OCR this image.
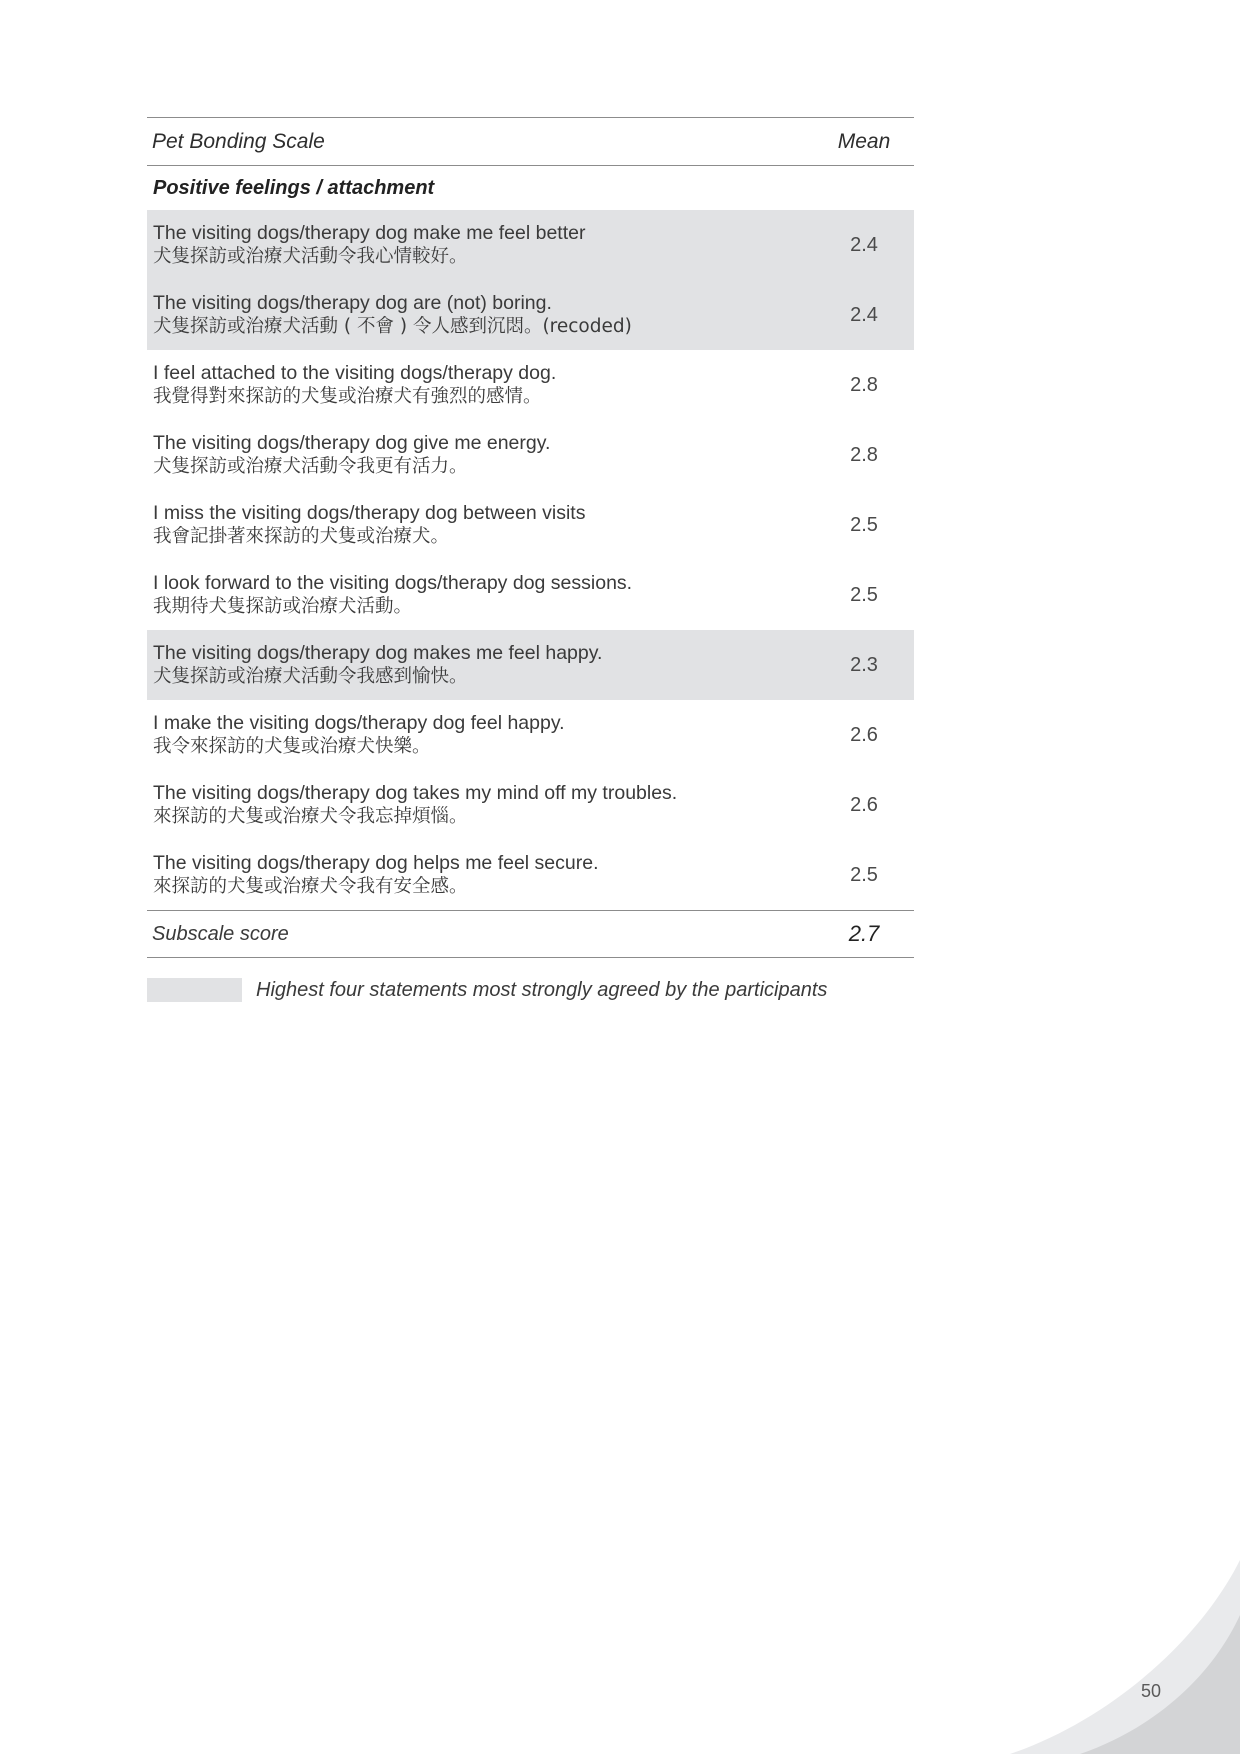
Pet Bonding Scale	Mean
Positive feelings / attachment
The visiting dogs/therapy dog make me feel better
犬隻探訪或治療犬活動令我心情較好。
2.4
The visiting dogs/therapy dog are (not) boring.
犬隻探訪或治療犬活動 ( 不會 ) 令人感到沉悶。(recoded)
2.4
I feel attached to the visiting dogs/therapy dog.
我覺得對來探訪的犬隻或治療犬有強烈的感情。
2.8
The visiting dogs/therapy dog give me energy.
犬隻探訪或治療犬活動令我更有活力。
2.8
I miss the visiting dogs/therapy dog between visits
我會記掛著來探訪的犬隻或治療犬。
2.5
I look forward to the visiting dogs/therapy dog sessions.
我期待犬隻探訪或治療犬活動。
2.5
The visiting dogs/therapy dog makes me feel happy.
犬隻探訪或治療犬活動令我感到愉快。
2.3
I make the visiting dogs/therapy dog feel happy.
我令來探訪的犬隻或治療犬快樂。
2.6
The visiting dogs/therapy dog takes my mind off my troubles.
來探訪的犬隻或治療犬令我忘掉煩惱。
2.6
The visiting dogs/therapy dog helps me feel secure.
來探訪的犬隻或治療犬令我有安全感。
2.5
Subscale score	2.7
Highest four statements most strongly agreed by the participants
50
